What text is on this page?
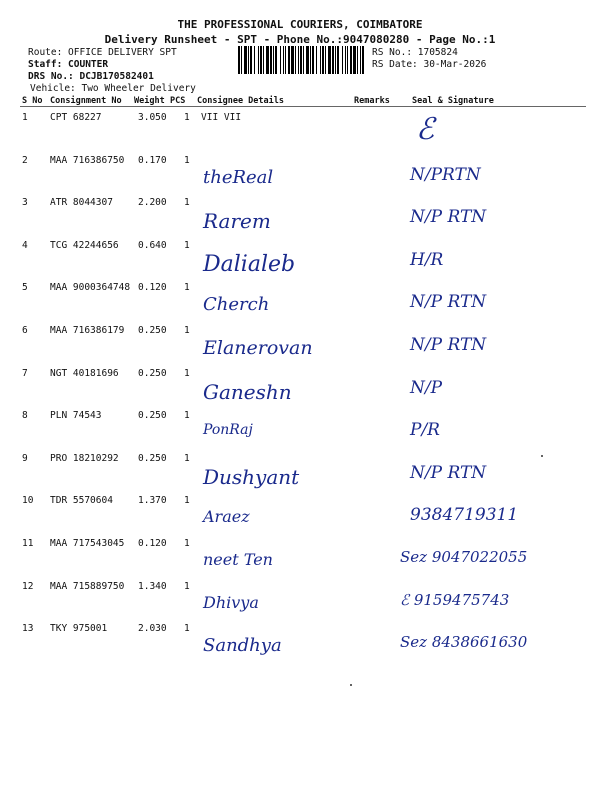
THE PROFESSIONAL COURIERS, COIMBATORE
Delivery Runsheet - SPT - Phone No.:9047080280 - Page No.:1
Route: OFFICE DELIVERY SPT
Staff: COUNTER
DRS No.: DCJB170582401
Vehicle: Two Wheeler Delivery
RS No.: 1705824
RS Date: 30-Mar-2026
S No Consignment No Weight PCS Consignee Details	Remarks	Seal & Signature
1 CPT 68227	3.050 1 VII VII	ℰ
2 MAA 716386750 0.170 1
theReal	N/PRTN
3 ATR 8044307	2.200 1
Rarem	N/P RTN
4 TCG 42244656 0.640 1
Dalialeb	H/R
5 MAA 9000364748 0.120 1
Cherch	N/P RTN
6 MAA 716386179 0.250 1
Elanerovan	N/P RTN
7 NGT 40181696 0.250 1
Ganeshn	N/P
8 PLN 74543	0.250 1
PonRaj	P/R
9 PRO 18210292 0.250 1
Dushyant	N/P RTN
10 TDR 5570604	1.370 1
Araez	9384719311
11 MAA 717543045 0.120 1
neet Ten	Sez 9047022055
12 MAA 715889750 1.340 1
Dhivya	ℰ 9159475743
13 TKY 975001	2.030 1
Sandhya	Sez 8438661630
